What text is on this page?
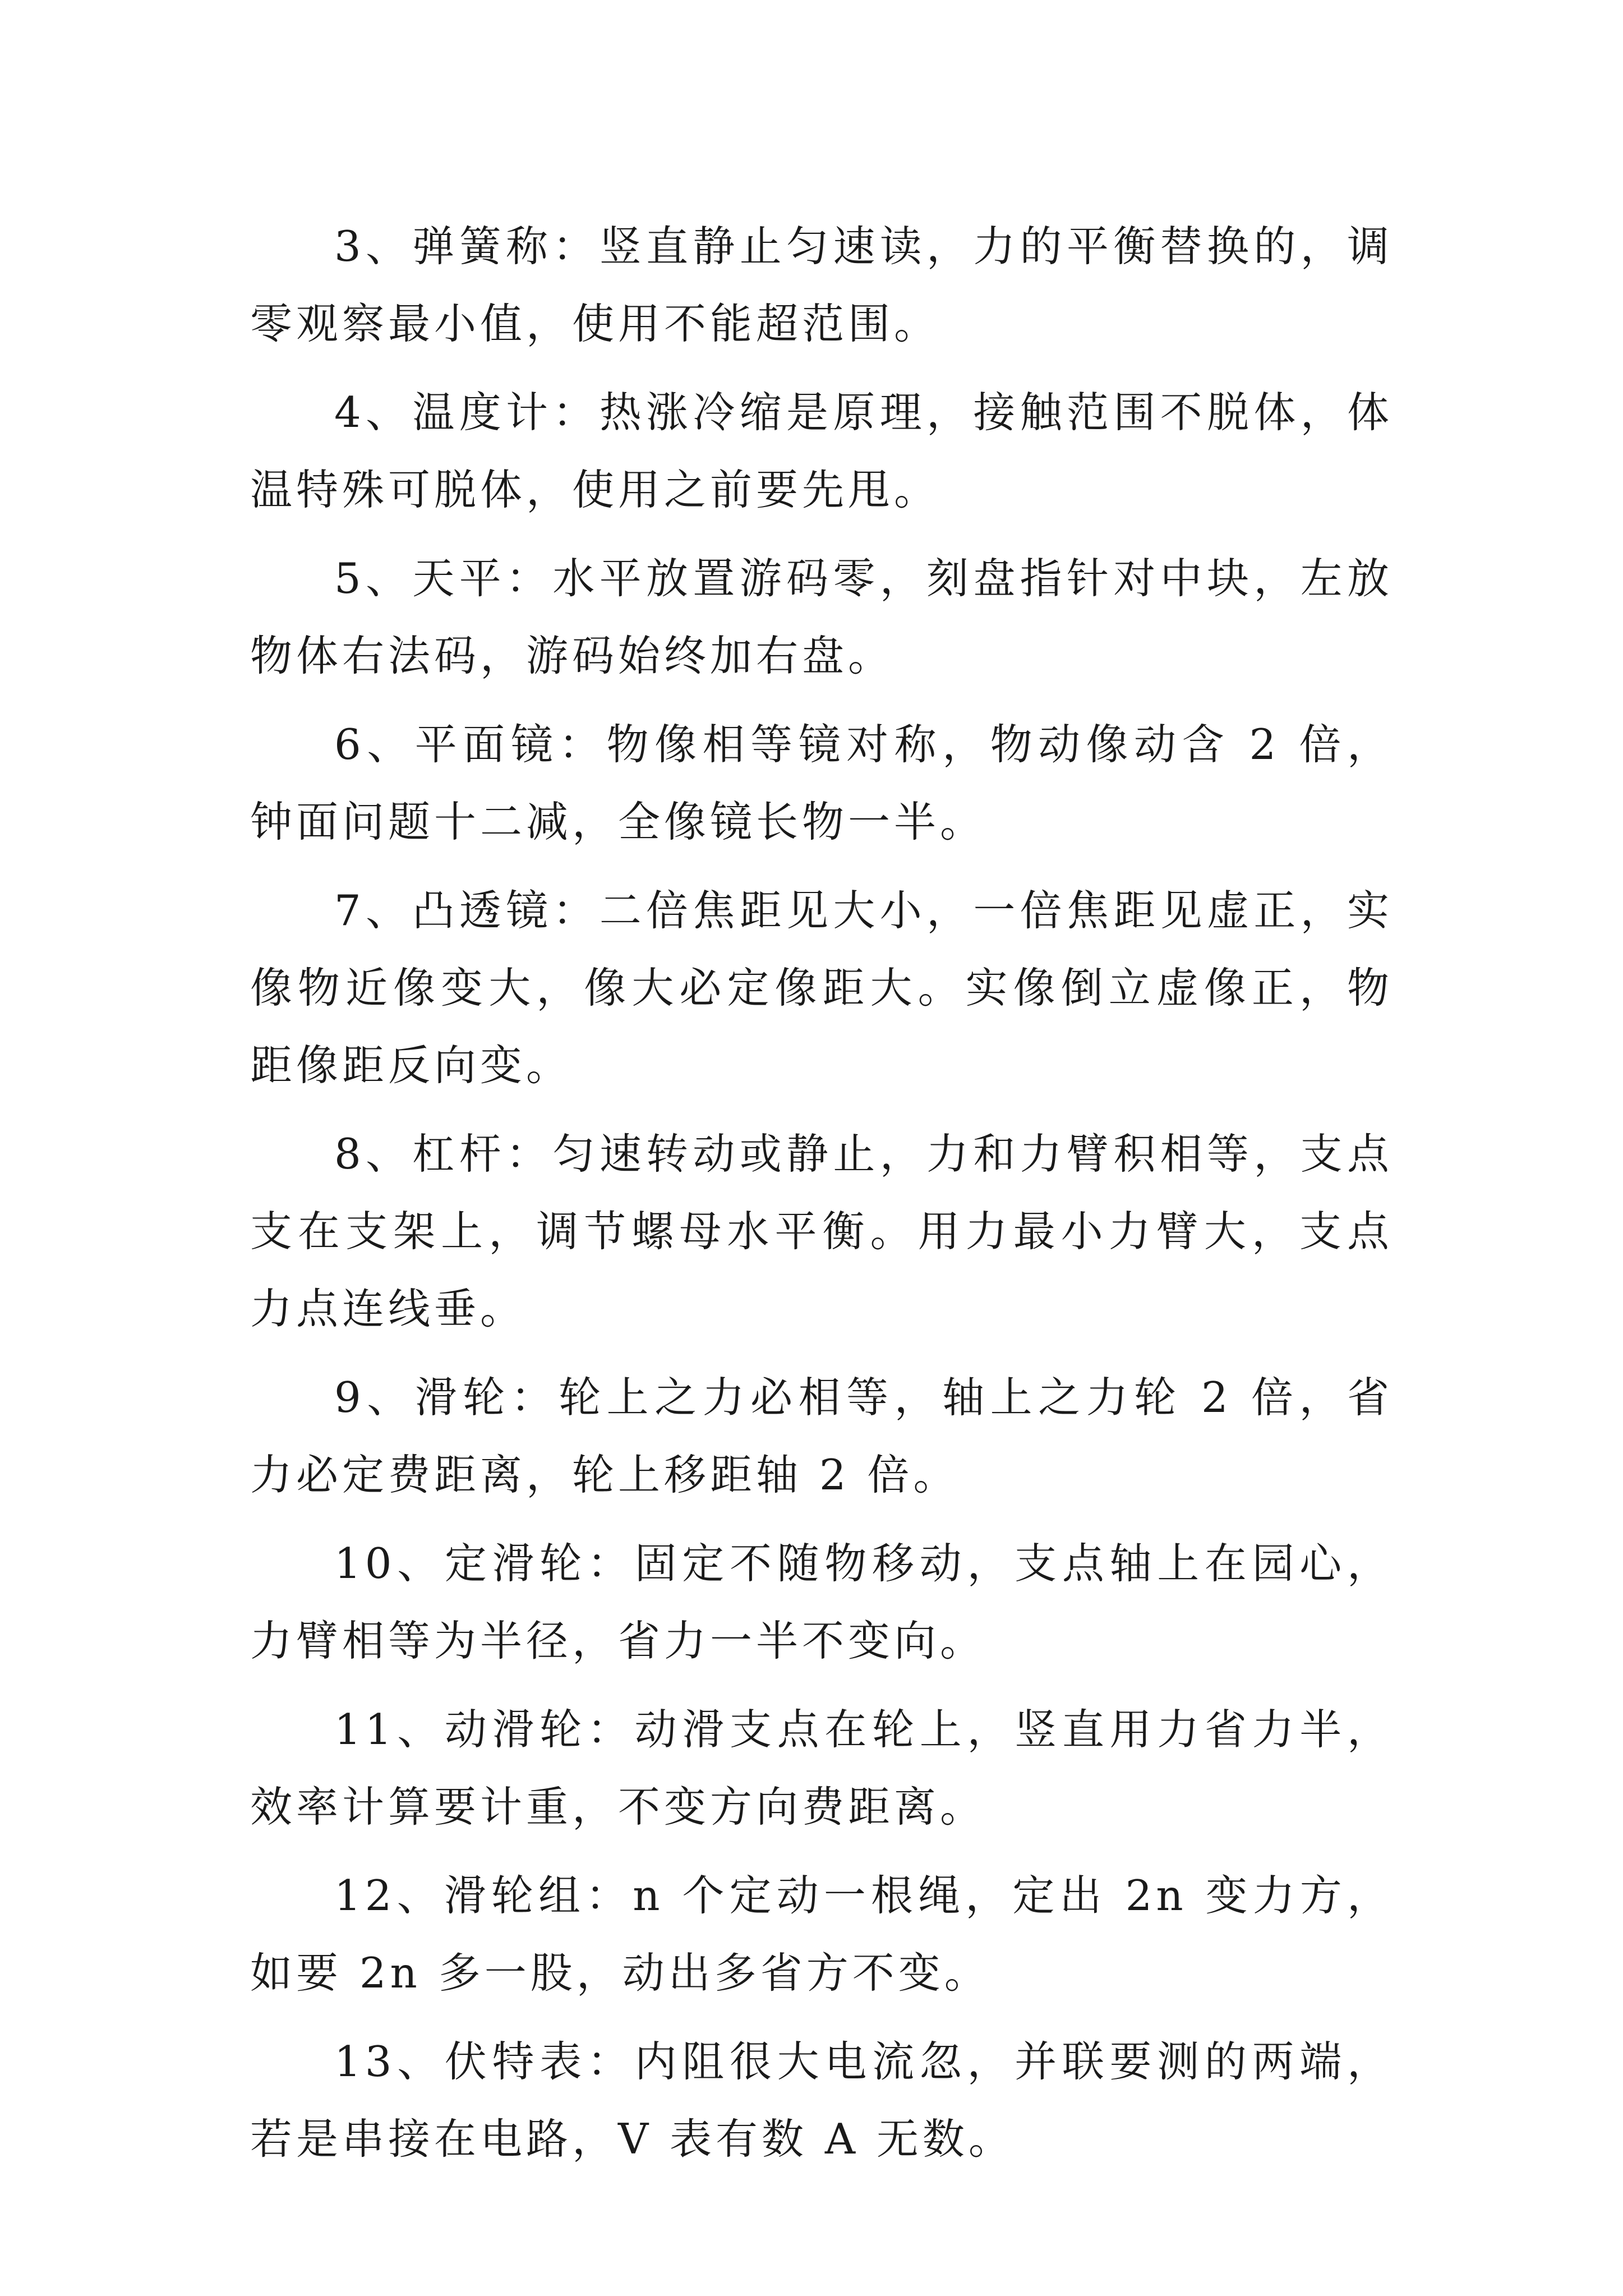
3、弹簧称：竖直静止匀速读，力的平衡替换的，调零观察最小值，使用不能超范围。

4、温度计：热涨冷缩是原理，接触范围不脱体，体温特殊可脱体，使用之前要先甩。

5、天平：水平放置游码零，刻盘指针对中块，左放物体右法码，游码始终加右盘。

6、平面镜：物像相等镜对称，物动像动含 2 倍，钟面问题十二减，全像镜长物一半。

7、凸透镜：二倍焦距见大小，一倍焦距见虚正，实像物近像变大，像大必定像距大。实像倒立虚像正，物距像距反向变。

8、杠杆：匀速转动或静止，力和力臂积相等，支点支在支架上，调节螺母水平衡。用力最小力臂大，支点力点连线垂。

9、滑轮：轮上之力必相等，轴上之力轮 2 倍，省力必定费距离，轮上移距轴 2 倍。

10、定滑轮：固定不随物移动，支点轴上在园心，力臂相等为半径，省力一半不变向。

11、动滑轮：动滑支点在轮上，竖直用力省力半，效率计算要计重，不变方向费距离。

12、滑轮组：n 个定动一根绳，定出 2n 变力方，如要 2n 多一股，动出多省方不变。

13、伏特表：内阻很大电流忽，并联要测的两端，若是串接在电路，V 表有数 A 无数。
